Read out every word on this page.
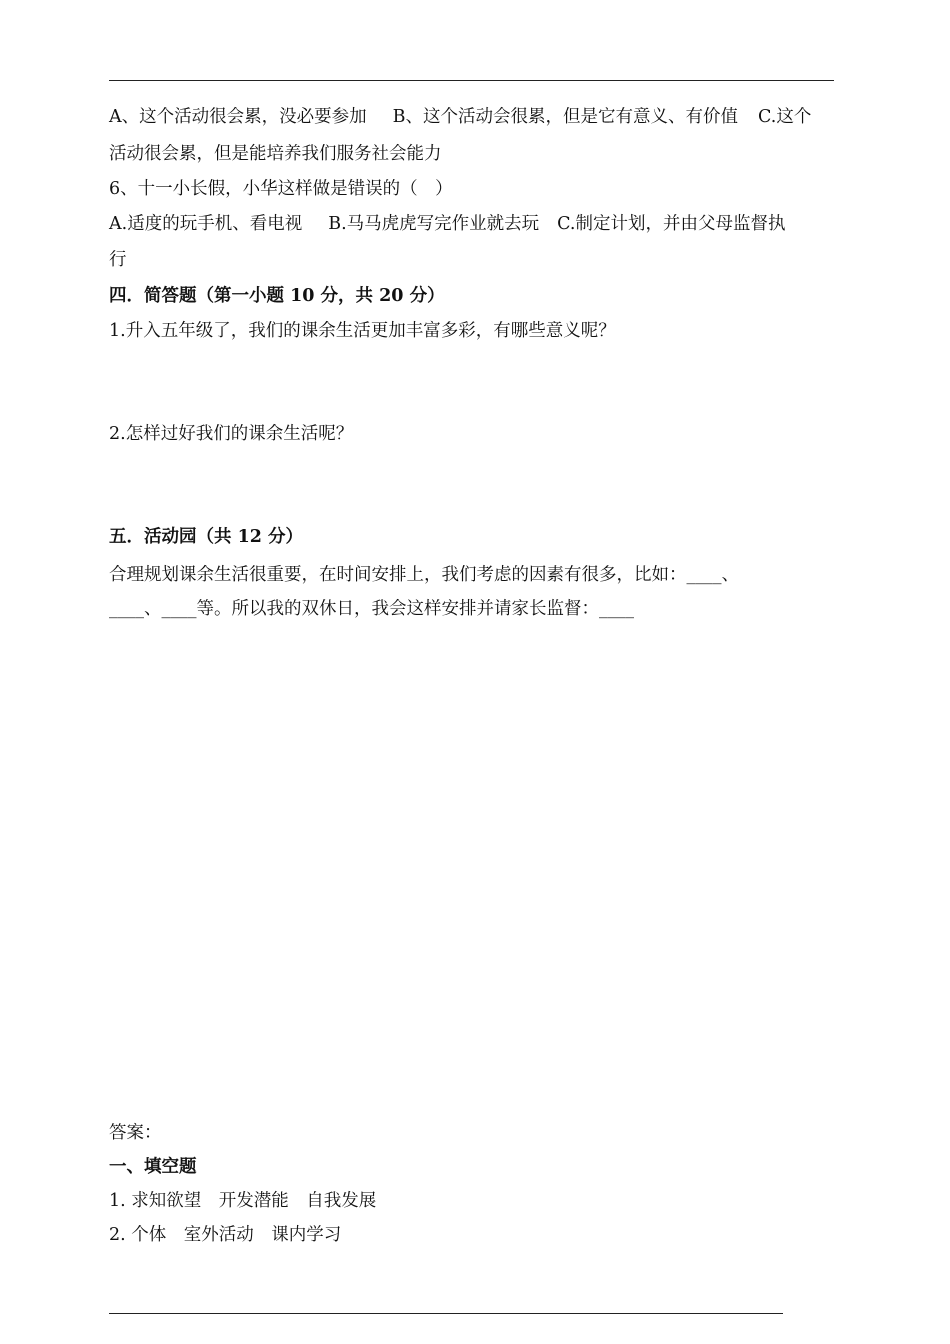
A、这个活动很会累，没必要参加 B、这个活动会很累，但是它有意义、有价值 C.这个
活动很会累，但是能培养我们服务社会能力
6、十一小长假，小华这样做是错误的（　）
A.适度的玩手机、看电视 B.马马虎虎写完作业就去玩 C.制定计划，并由父母监督执
行
四．简答题（第一小题 10 分，共 20 分）
1.升入五年级了，我们的课余生活更加丰富多彩，有哪些意义呢？
2.怎样过好我们的课余生活呢？
五．活动园（共 12 分）
合理规划课余生活很重要，在时间安排上，我们考虑的因素有很多，比如：____、
____、____等。所以我的双休日，我会这样安排并请家长监督：____
答案：
一、填空题
1. 求知欲望　开发潜能　自我发展
2. 个体　室外活动　课内学习
